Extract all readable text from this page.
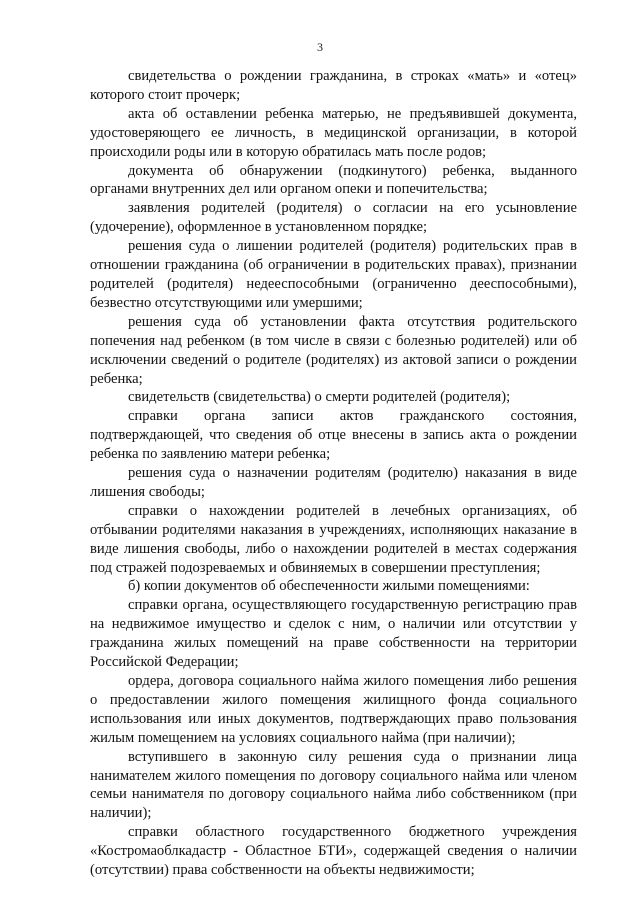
3

свидетельства о рождении гражданина, в строках «мать» и «отец» которого стоит прочерк;

акта об оставлении ребенка матерью, не предъявившей документа, удостоверяющего ее личность, в медицинской организации, в которой происходили роды или в которую обратилась мать после родов;

документа об обнаружении (подкинутого) ребенка, выданного органами внутренних дел или органом опеки и попечительства;

заявления родителей (родителя) о согласии на его усыновление (удочерение), оформленное в установленном порядке;

решения суда о лишении родителей (родителя) родительских прав в отношении гражданина (об ограничении в родительских правах), признании родителей (родителя) недееспособными (ограниченно дееспособными), безвестно отсутствующими или умершими;

решения суда об установлении факта отсутствия родительского попечения над ребенком (в том числе в связи с болезнью родителей) или об исключении сведений о родителе (родителях) из актовой записи о рождении ребенка;

свидетельств (свидетельства) о смерти родителей (родителя);

справки органа записи актов гражданского состояния, подтверждающей, что сведения об отце внесены в запись акта о рождении ребенка по заявлению матери ребенка;

решения суда о назначении родителям (родителю) наказания в виде лишения свободы;

справки о нахождении родителей в лечебных организациях, об отбывании родителями наказания в учреждениях, исполняющих наказание в виде лишения свободы, либо о нахождении родителей в местах содержания под стражей подозреваемых и обвиняемых в совершении преступления;

б) копии документов об обеспеченности жилыми помещениями:

справки органа, осуществляющего государственную регистрацию прав на недвижимое имущество и сделок с ним, о наличии или отсутствии у гражданина жилых помещений на праве собственности на территории Российской Федерации;

ордера, договора социального найма жилого помещения либо решения о предоставлении жилого помещения жилищного фонда социального использования или иных документов, подтверждающих право пользования жилым помещением на условиях социального найма (при наличии);

вступившего в законную силу решения суда о признании лица нанимателем жилого помещения по договору социального найма или членом семьи нанимателя по договору социального найма либо собственником (при наличии);

справки областного государственного бюджетного учреждения «Костромаоблкадастр - Областное БТИ», содержащей сведения о наличии (отсутствии) права собственности на объекты недвижимости;
